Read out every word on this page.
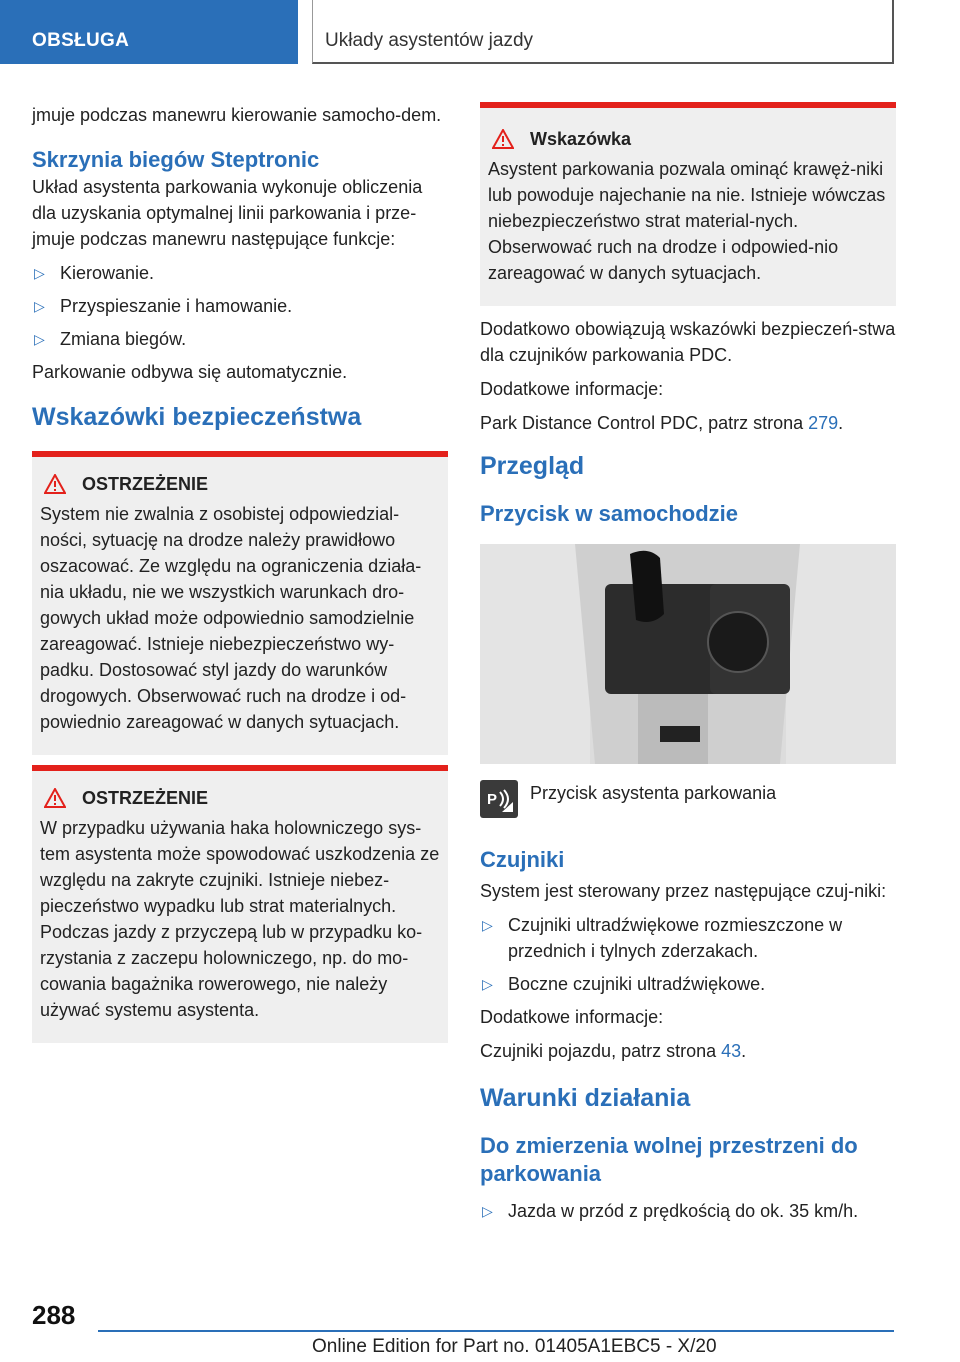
OBSŁUGA	Układy asystentów jazdy

jmuje podczas manewru kierowanie samocho-dem.

Skrzynia biegów Steptronic

Układ asystenta parkowania wykonuje obliczenia dla uzyskania optymalnej linii parkowania i prze-jmuje podczas manewru następujące funkcje:

▷ Kierowanie.
▷ Przyspieszanie i hamowanie.
▷ Zmiana biegów.

Parkowanie odbywa się automatycznie.

Wskazówki bezpieczeństwa
OSTRZEŻENIE
System nie zwalnia z osobistej odpowiedzial-ności, sytuację na drodze należy prawidłowo oszacować. Ze względu na ograniczenia działa-nia układu, nie we wszystkich warunkach dro-gowych układ może odpowiednio samodzielnie zareagować. Istnieje niebezpieczeństwo wy-padku. Dostosować styl jazdy do warunków drogowych. Obserwować ruch na drodze i od-powiednio zareagować w danych sytuacjach.
OSTRZEŻENIE
W przypadku używania haka holowniczego sys-tem asystenta może spowodować uszkodzenia ze względu na zakryte czujniki. Istnieje niebez-pieczeństwo wypadku lub strat materialnych. Podczas jazdy z przyczepą lub w przypadku ko-rzystania z zaczepu holowniczego, np. do mo-cowania bagażnika rowerowego, nie należy używać systemu asystenta.
Wskazówka
Asystent parkowania pozwala ominąć krawęż-niki lub powoduje najechanie na nie. Istnieje wówczas niebezpieczeństwo strat material-nych. Obserwować ruch na drodze i odpowied-nio zareagować w danych sytuacjach.

Dodatkowo obowiązują wskazówki bezpieczeń-stwa dla czujników parkowania PDC.

Dodatkowe informacje:

Park Distance Control PDC, patrz strona 279.

Przegląd
Przycisk w samochodzie
P Przycisk asystenta parkowania
Czujniki

System jest sterowany przez następujące czuj-niki:

▷ Czujniki ultradźwiękowe rozmieszczone w przednich i tylnych zderzakach.
▷ Boczne czujniki ultradźwiękowe.

Dodatkowe informacje:

Czujniki pojazdu, patrz strona 43.

Warunki działania
Do zmierzenia wolnej przestrzeni do parkowania
▷ Jazda w przód z prędkością do ok. 35 km/h.
288
Online Edition for Part no. 01405A1EBC5 - X/20
